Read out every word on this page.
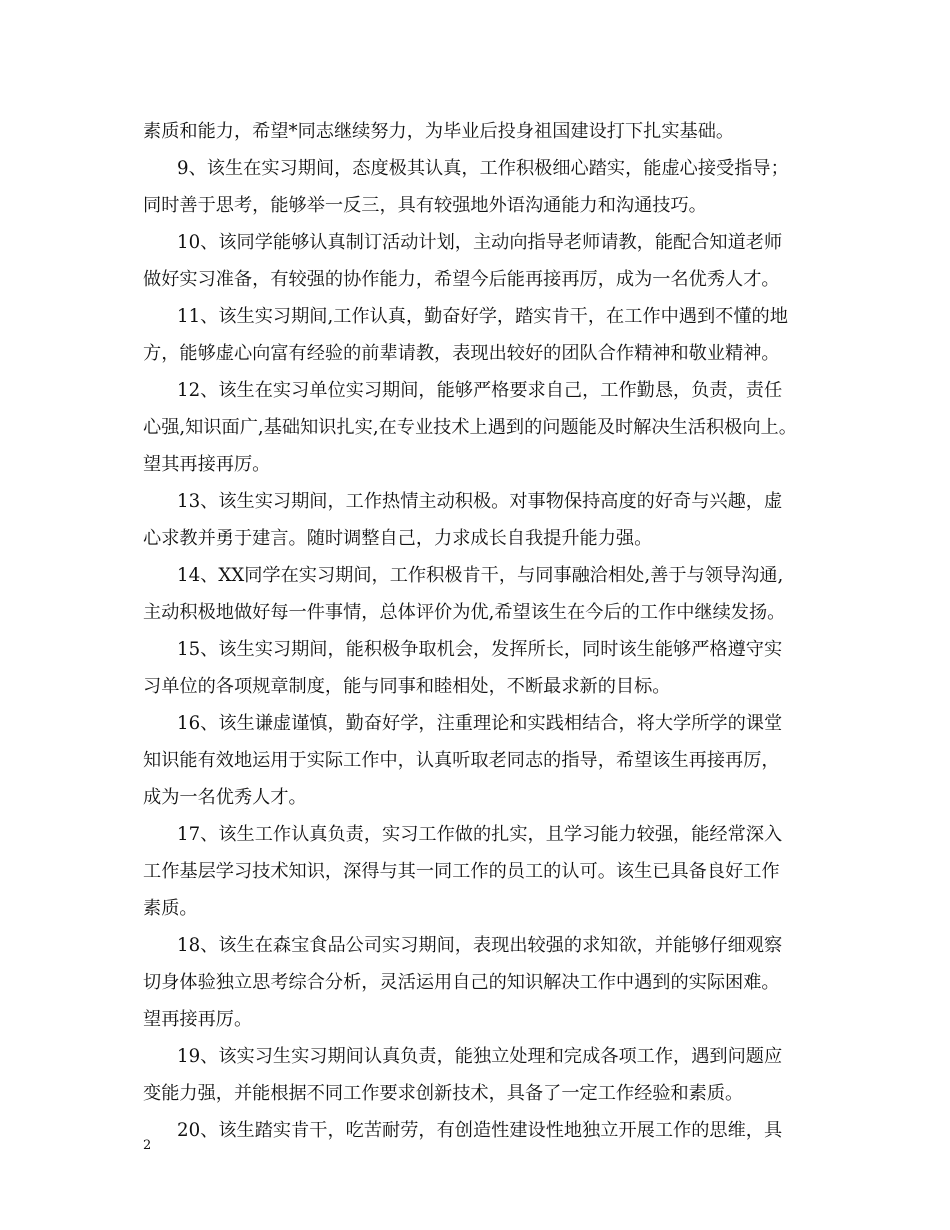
素质和能力，希望*同志继续努力，为毕业后投身祖国建设打下扎实基础。
9、该生在实习期间，态度极其认真，工作积极细心踏实，能虚心接受指导；
同时善于思考，能够举一反三，具有较强地外语沟通能力和沟通技巧。
10、该同学能够认真制订活动计划，主动向指导老师请教，能配合知道老师
做好实习准备，有较强的协作能力，希望今后能再接再厉，成为一名优秀人才。
11、该生实习期间,工作认真，勤奋好学，踏实肯干，在工作中遇到不懂的地
方，能够虚心向富有经验的前辈请教，表现出较好的团队合作精神和敬业精神。
12、该生在实习单位实习期间，能够严格要求自己，工作勤恳，负责，责任
心强,知识面广,基础知识扎实,在专业技术上遇到的问题能及时解决生活积极向上。
望其再接再厉。
13、该生实习期间，工作热情主动积极。对事物保持高度的好奇与兴趣，虚
心求教并勇于建言。随时调整自己，力求成长自我提升能力强。
14、XX同学在实习期间，工作积极肯干，与同事融洽相处,善于与领导沟通,
主动积极地做好每一件事情，总体评价为优,希望该生在今后的工作中继续发扬。
15、该生实习期间，能积极争取机会，发挥所长，同时该生能够严格遵守实
习单位的各项规章制度，能与同事和睦相处，不断最求新的目标。
16、该生谦虚谨慎，勤奋好学，注重理论和实践相结合，将大学所学的课堂
知识能有效地运用于实际工作中，认真听取老同志的指导，希望该生再接再厉，
成为一名优秀人才。
17、该生工作认真负责，实习工作做的扎实，且学习能力较强，能经常深入
工作基层学习技术知识，深得与其一同工作的员工的认可。该生已具备良好工作
素质。
18、该生在森宝食品公司实习期间，表现出较强的求知欲，并能够仔细观察
切身体验独立思考综合分析，灵活运用自己的知识解决工作中遇到的实际困难。
望再接再厉。
19、该实习生实习期间认真负责，能独立处理和完成各项工作，遇到问题应
变能力强，并能根据不同工作要求创新技术，具备了一定工作经验和素质。
20、该生踏实肯干，吃苦耐劳，有创造性建设性地独立开展工作的思维，具
2
